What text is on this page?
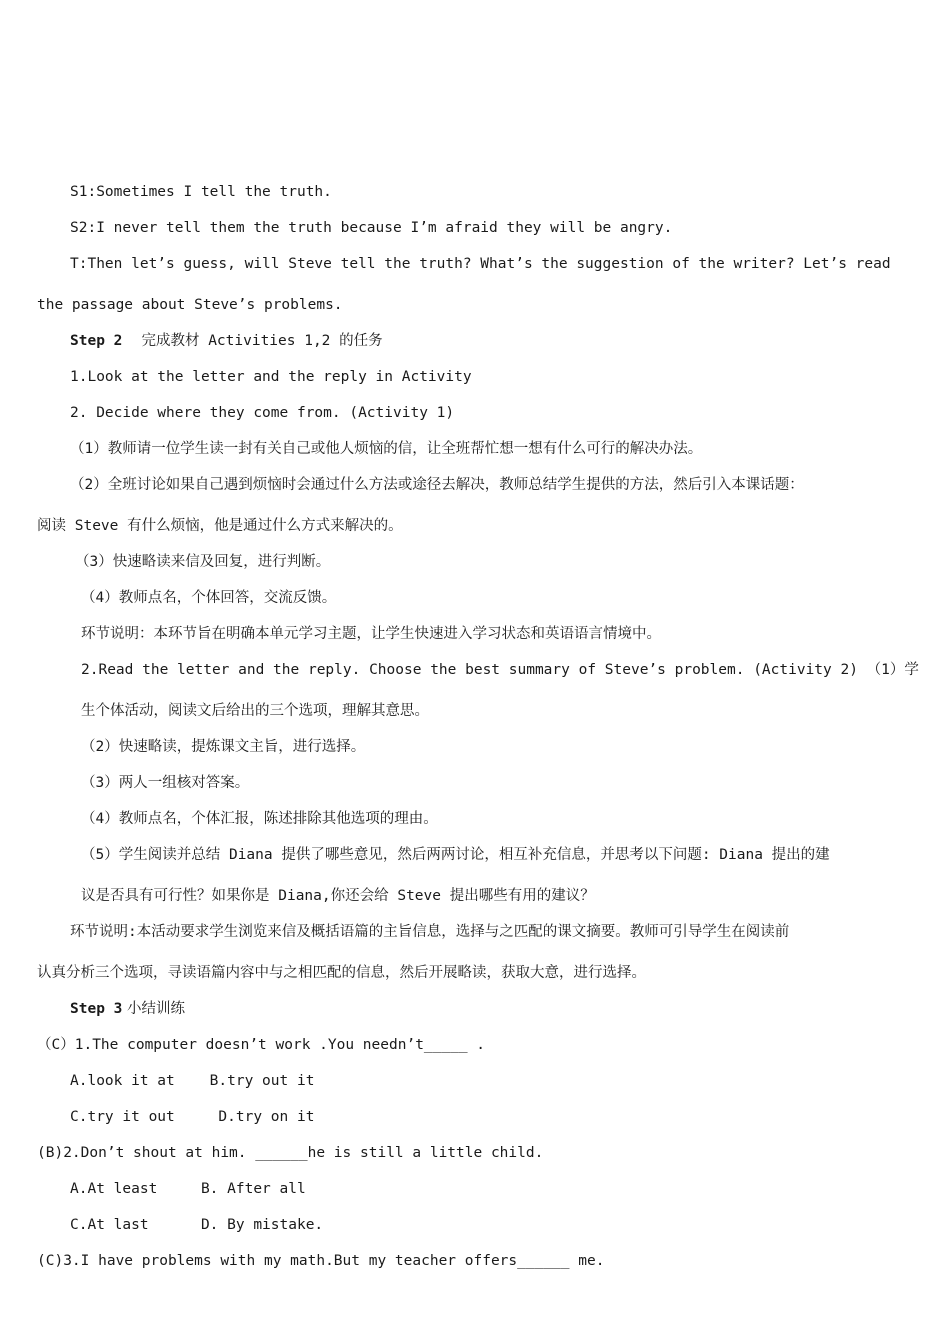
S1:Sometimes I tell the truth.
S2:I never tell them the truth because I’m afraid they will be angry.
T:Then let’s guess, will Steve tell the truth? What’s the suggestion of the writer? Let’s read
the passage about Steve’s problems.
Step 2 完成教材 Activities 1,2 的任务
1.Look at the letter and the reply in Activity
2. Decide where they come from. (Activity 1)
（1）教师请一位学生读一封有关自己或他人烦恼的信，让全班帮忙想一想有什么可行的解决办法。
（2）全班讨论如果自己遇到烦恼时会通过什么方法或途径去解决，教师总结学生提供的方法，然后引入本课话题：
阅读 Steve 有什么烦恼，他是通过什么方式来解决的。
（3）快速略读来信及回复，进行判断。
（4）教师点名，个体回答，交流反馈。
环节说明：本环节旨在明确本单元学习主题，让学生快速进入学习状态和英语语言情境中。
2.Read the letter and the reply. Choose the best summary of Steve’s problem. (Activity 2) （1）学
生个体活动，阅读文后给出的三个选项，理解其意思。
（2）快速略读，提炼课文主旨，进行选择。
（3）两人一组核对答案。
（4）教师点名，个体汇报，陈述排除其他选项的理由。
（5）学生阅读并总结 Diana 提供了哪些意见，然后两两讨论，相互补充信息，并思考以下问题: Diana 提出的建
议是否具有可行性？如果你是 Diana,你还会给 Steve 提出哪些有用的建议？
环节说明:本活动要求学生浏览来信及概括语篇的主旨信息，选择与之匹配的课文摘要。教师可引导学生在阅读前
认真分析三个选项，寻读语篇内容中与之相匹配的信息，然后开展略读，获取大意，进行选择。
Step 3 小结训练
（C）1.The computer doesn’t work .You needn’t_____ .
A.look it at    B.try out it
C.try it out     D.try on it
(B)2.Don’t shout at him. ______he is still a little child.
A.At least     B. After all
C.At last      D. By mistake.
(C)3.I have problems with my math.But my teacher offers______ me.
